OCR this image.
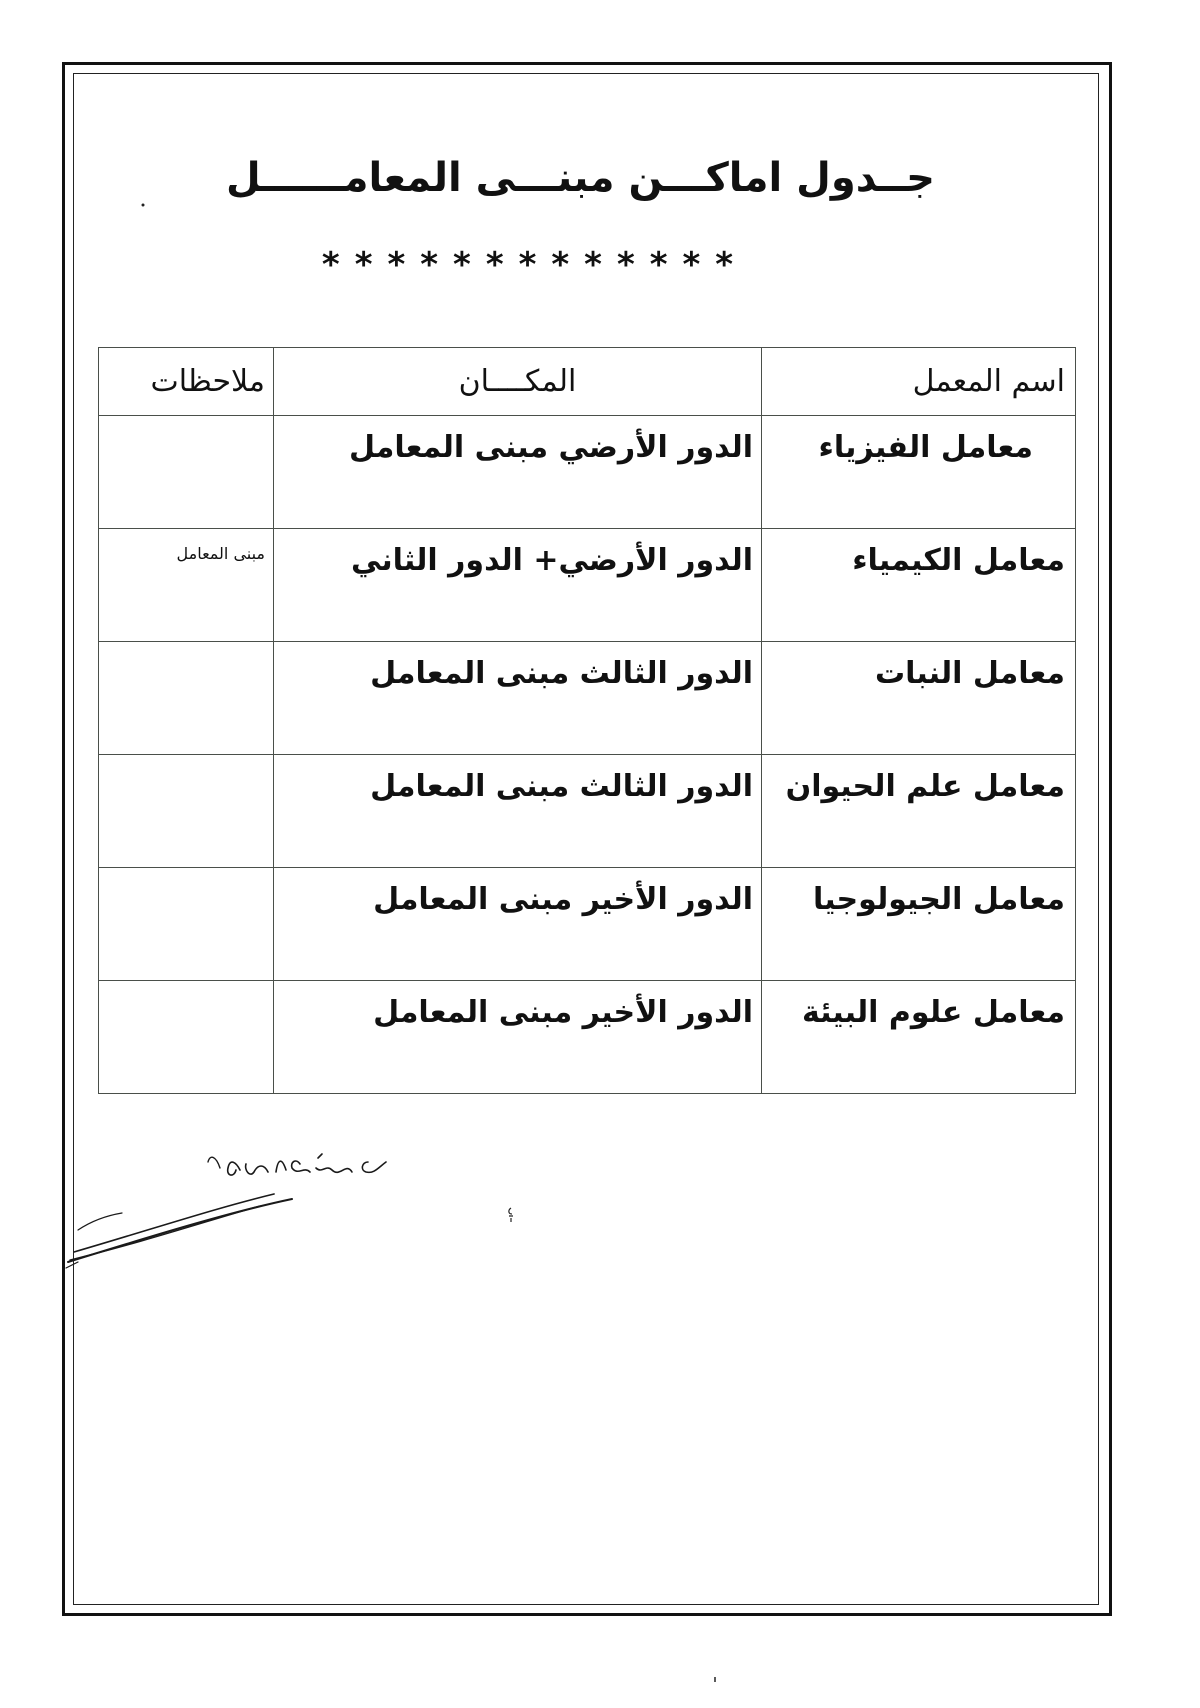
جــدول اماكـــن مبنـــى المعامــــــل
*************
اسم المعمل	المكــــان	ملاحظات
معامل الفيزياء	الدور الأرضي مبنى المعامل	
معامل الكيمياء	الدور الأرضي+ الدور الثاني	مبنى المعامل
معامل النبات	الدور الثالث مبنى المعامل	
معامل علم الحيوان	الدور الثالث مبنى المعامل	
معامل الجيولوجيا	الدور الأخير مبنى المعامل	
معامل علوم البيئة	الدور الأخير مبنى المعامل	
